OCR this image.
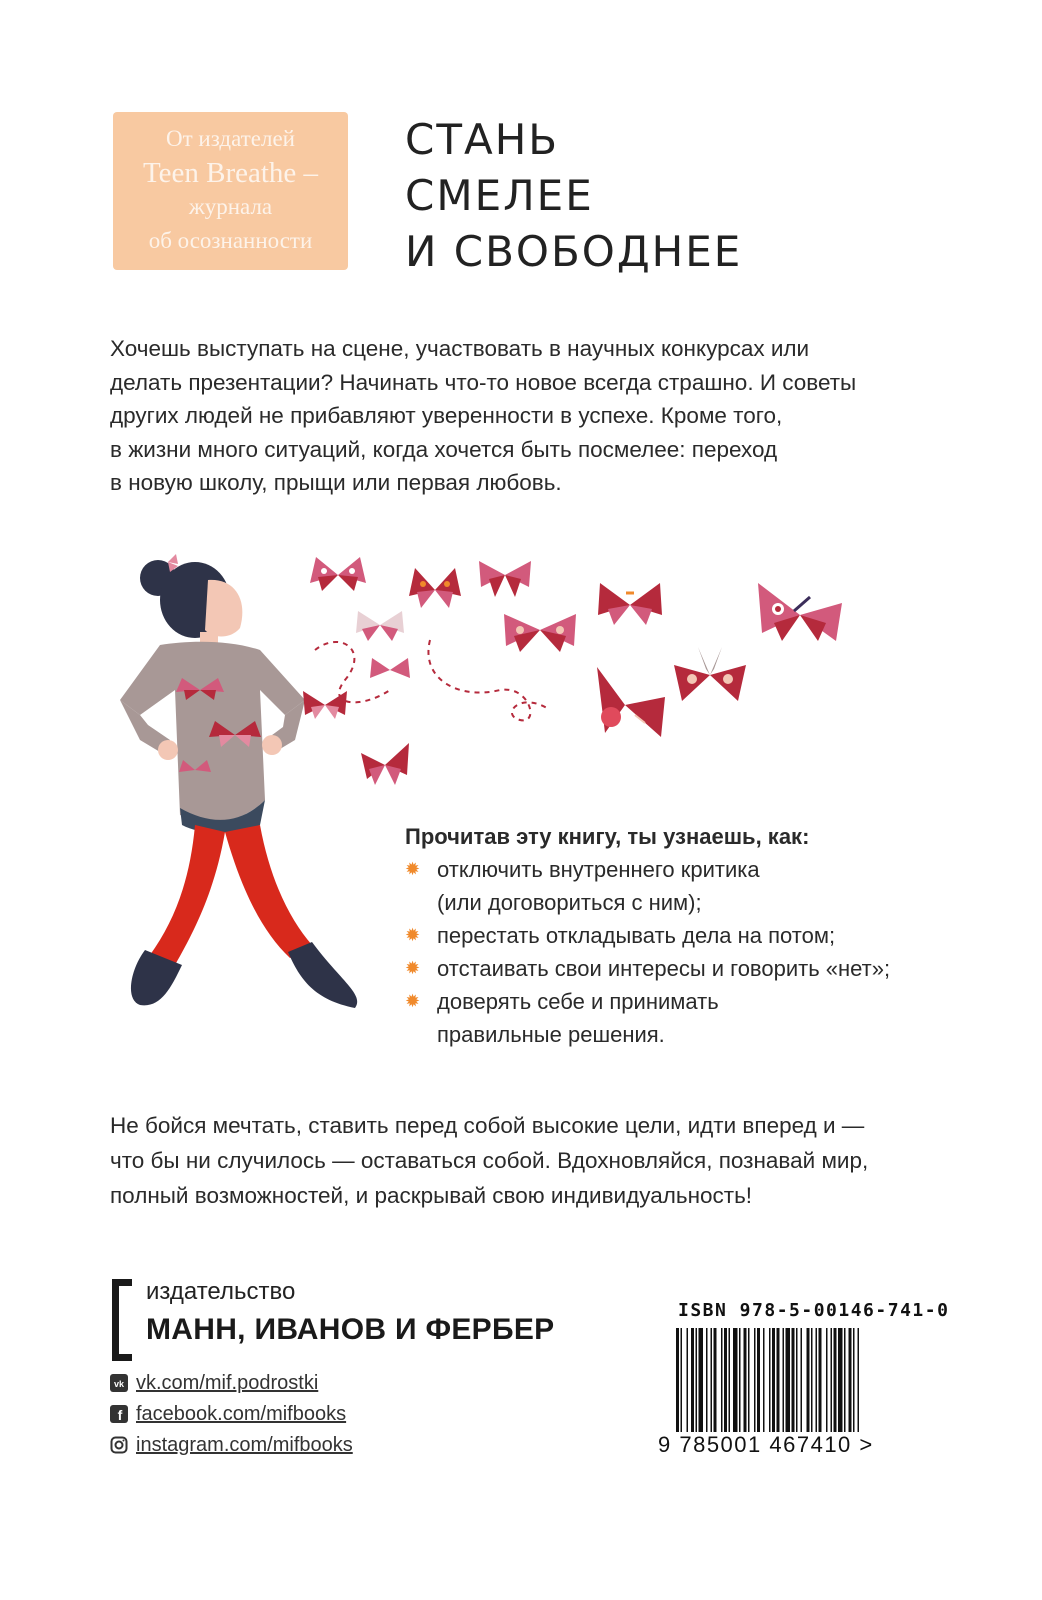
От издателей
Teen Breathe –
журнала
об осознанности
СТАНЬ
СМЕЛЕЕ
И СВОБОДНЕЕ
Хочешь выступать на сцене, участвовать в научных конкурсах или
делать презентации? Начинать что-то новое всегда страшно. И советы
других людей не прибавляют уверенности в успехе. Кроме того,
в жизни много ситуаций, когда хочется быть посмелее: переход
в новую школу, прыщи или первая любовь.
Прочитав эту книгу, ты узнаешь, как:
✹ отключить внутреннего критика
(или договориться с ним);
✹ перестать откладывать дела на потом;
✹ отстаивать свои интересы и говорить «нет»;
✹ доверять себе и принимать
правильные решения.
Не бойся мечтать, ставить перед собой высокие цели, идти вперед и —
что бы ни случилось — оставаться собой. Вдохновляйся, познавай мир,
полный возможностей, и раскрывай свою индивидуальность!
издательство
МАНН, ИВАНОВ И ФЕРБЕР
vk vk.com/mif.podrostki
f facebook.com/mifbooks
instagram.com/mifbooks
ISBN 978-5-00146-741-0
9 785001 467410 >
